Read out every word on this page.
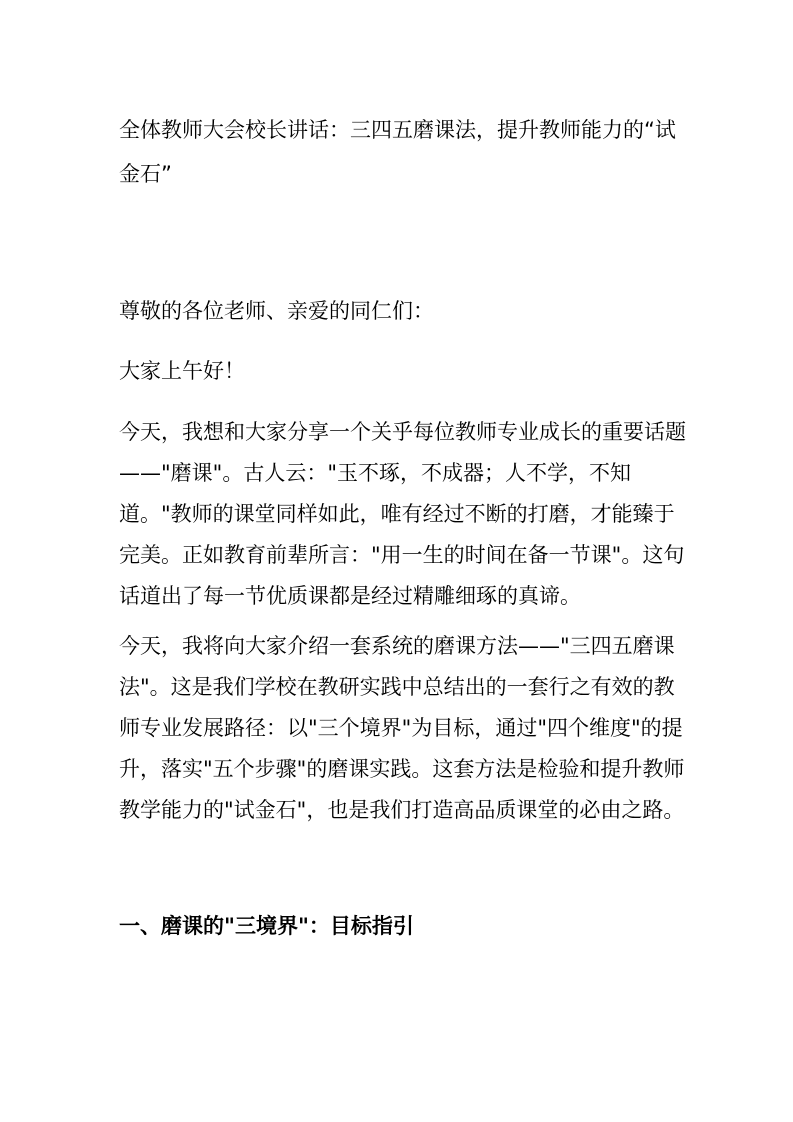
全体教师大会校长讲话：三四五磨课法，提升教师能力的“试金石”

尊敬的各位老师、亲爱的同仁们：

大家上午好！

今天，我想和大家分享一个关乎每位教师专业成长的重要话题——"磨课"。古人云："玉不琢，不成器；人不学，不知道。"教师的课堂同样如此，唯有经过不断的打磨，才能臻于完美。正如教育前辈所言："用一生的时间在备一节课"。这句话道出了每一节优质课都是经过精雕细琢的真谛。

今天，我将向大家介绍一套系统的磨课方法——"三四五磨课法"。这是我们学校在教研实践中总结出的一套行之有效的教师专业发展路径：以"三个境界"为目标，通过"四个维度"的提升，落实"五个步骤"的磨课实践。这套方法是检验和提升教师教学能力的"试金石"，也是我们打造高品质课堂的必由之路。

一、磨课的"三境界"：目标指引
